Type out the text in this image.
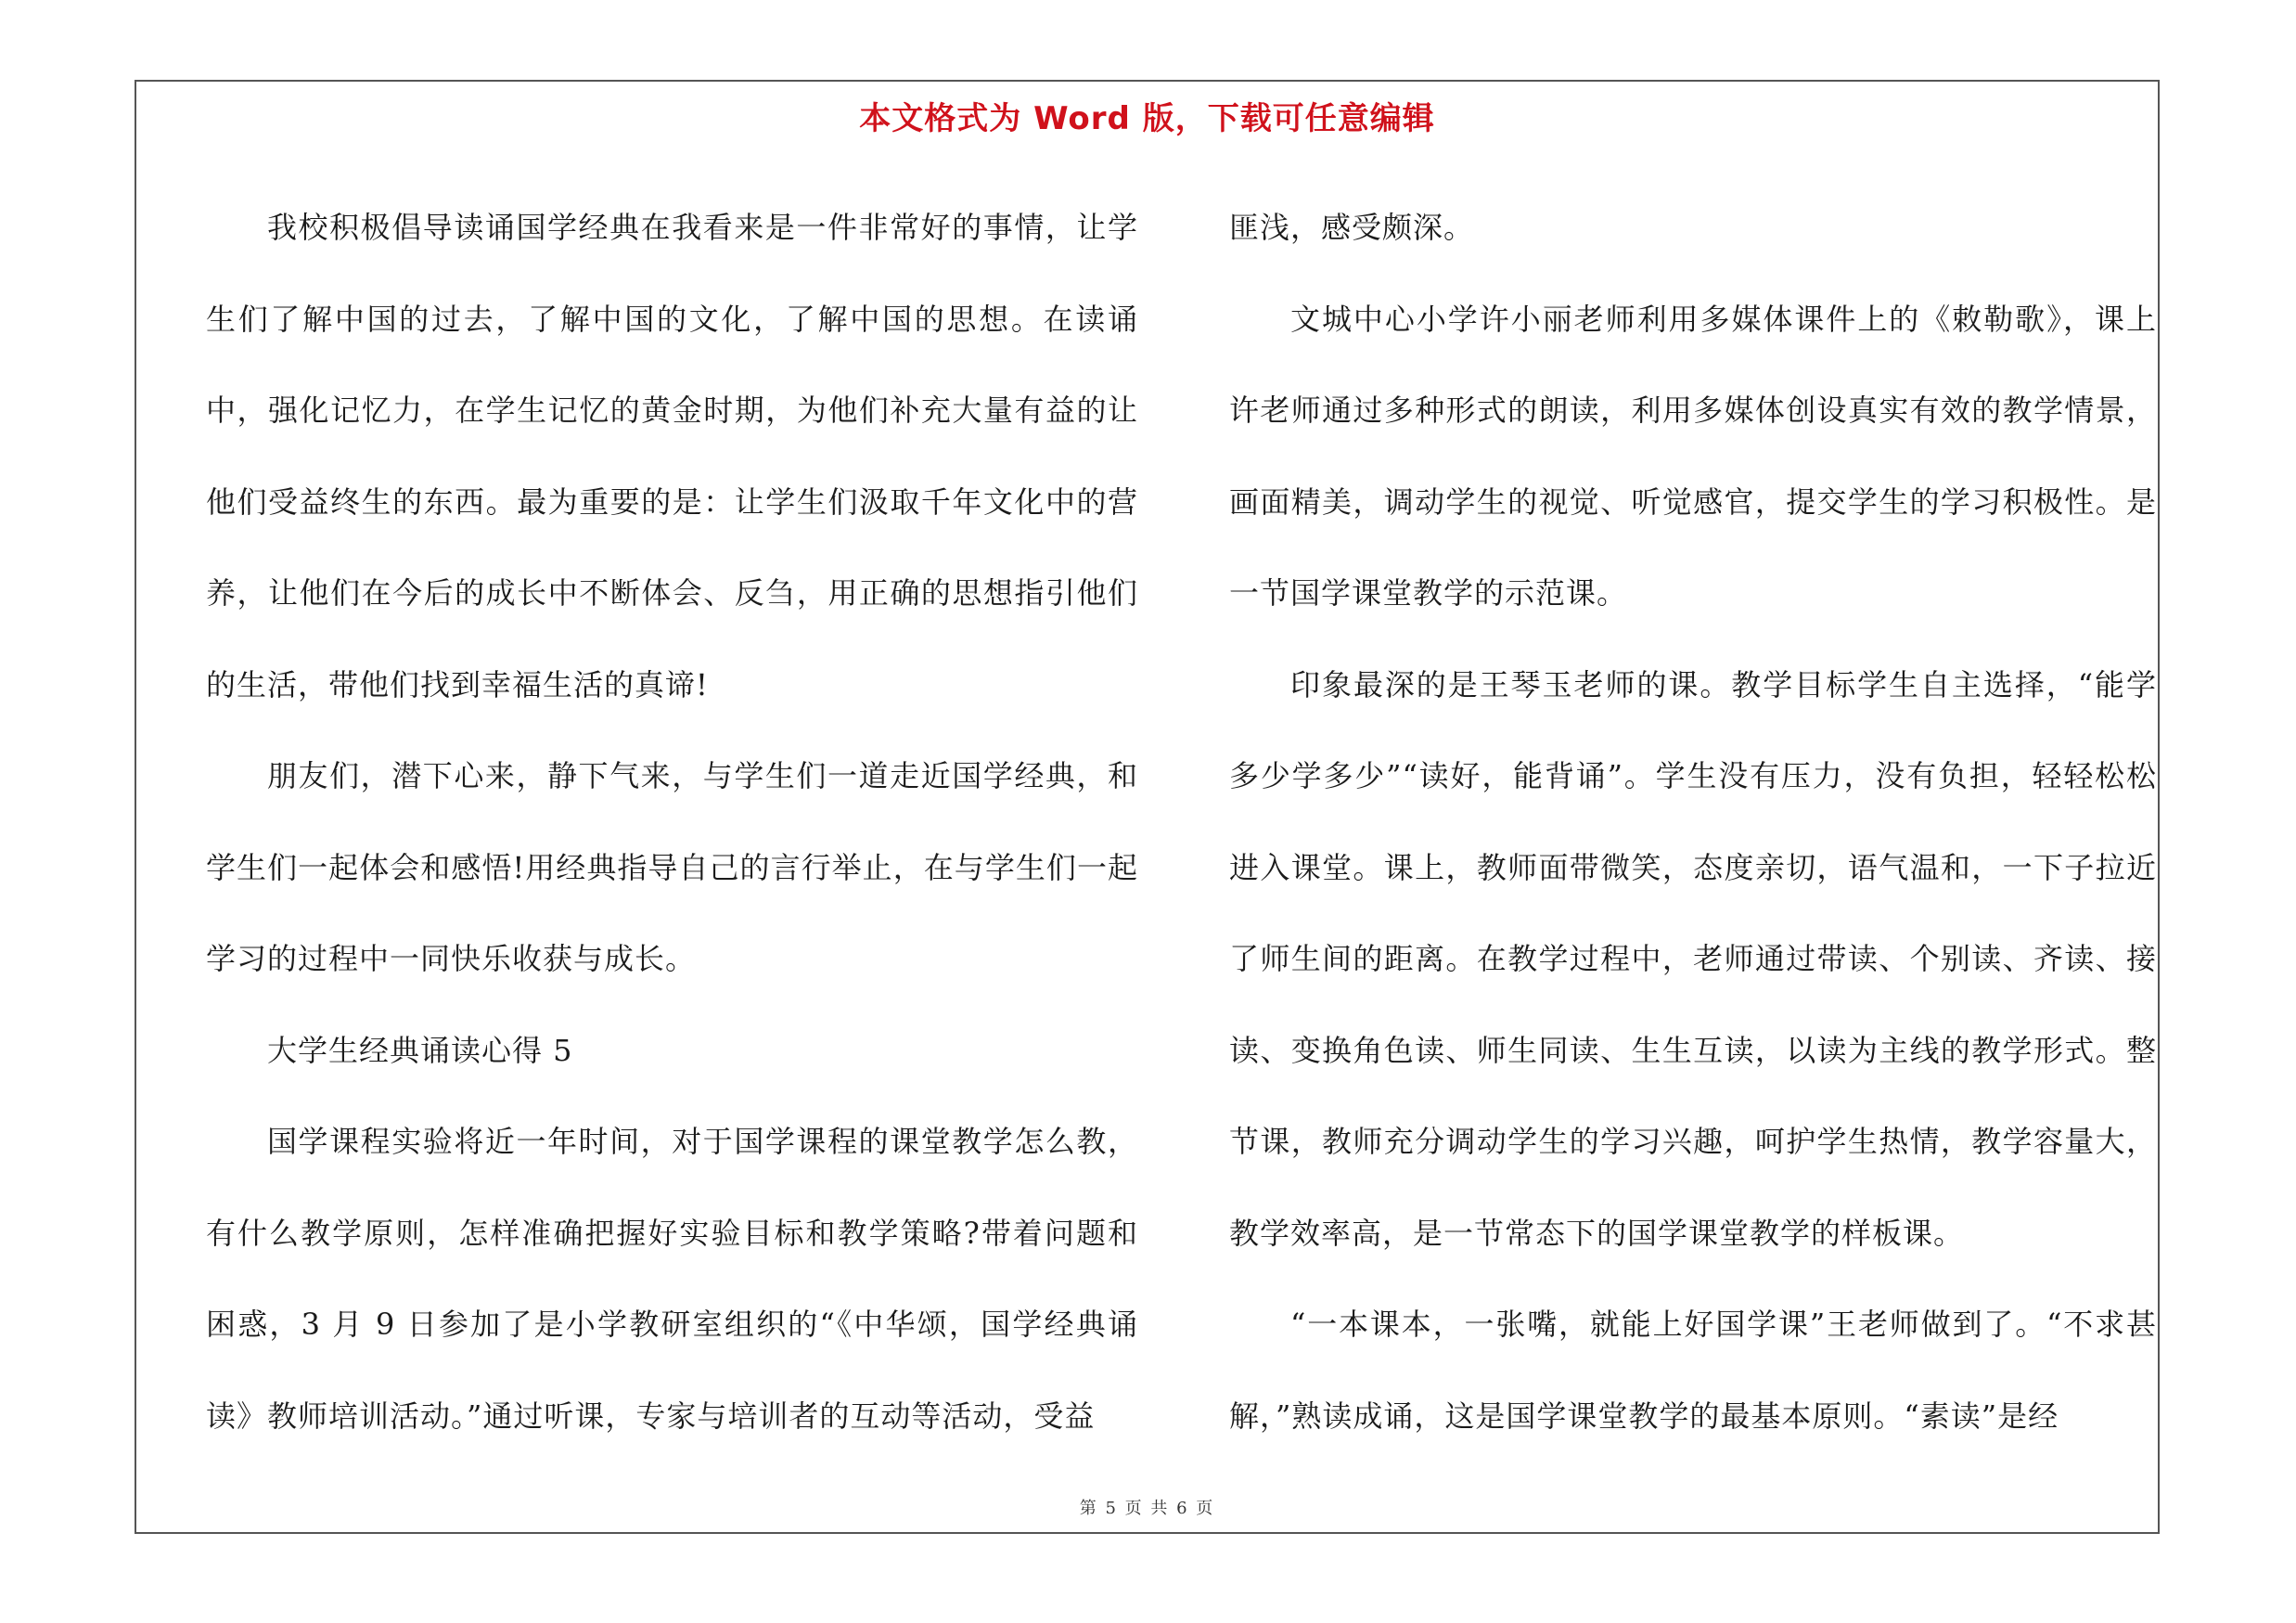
本文格式为 Word 版，下载可任意编辑

我校积极倡导读诵国学经典在我看来是一件非常好的事情，让学生们了解中国的过去，了解中国的文化，了解中国的思想。在读诵中，强化记忆力，在学生记忆的黄金时期，为他们补充大量有益的让他们受益终生的东西。最为重要的是：让学生们汲取千年文化中的营养，让他们在今后的成长中不断体会、反刍，用正确的思想指引他们的生活，带他们找到幸福生活的真谛!

朋友们，潜下心来，静下气来，与学生们一道走近国学经典，和学生们一起体会和感悟!用经典指导自己的言行举止，在与学生们一起学习的过程中一同快乐收获与成长。

大学生经典诵读心得 5

国学课程实验将近一年时间，对于国学课程的课堂教学怎么教，有什么教学原则，怎样准确把握好实验目标和教学策略?带着问题和困惑，3 月 9 日参加了是小学教研室组织的“《中华颂，国学经典诵读》教师培训活动。”通过听课，专家与培训者的互动等活动，受益

匪浅，感受颇深。

文城中心小学许小丽老师利用多媒体课件上的《敕勒歌》，课上许老师通过多种形式的朗读，利用多媒体创设真实有效的教学情景，画面精美，调动学生的视觉、听觉感官，提交学生的学习积极性。是一节国学课堂教学的示范课。

印象最深的是王琴玉老师的课。教学目标学生自主选择，“能学多少学多少”“读好，能背诵”。学生没有压力，没有负担，轻轻松松进入课堂。课上，教师面带微笑，态度亲切，语气温和，一下子拉近了师生间的距离。在教学过程中，老师通过带读、个别读、齐读、接读、变换角色读、师生同读、生生互读，以读为主线的教学形式。整节课，教师充分调动学生的学习兴趣，呵护学生热情，教学容量大，教学效率高，是一节常态下的国学课堂教学的样板课。

“一本课本，一张嘴，就能上好国学课”王老师做到了。“不求甚解，”熟读成诵，这是国学课堂教学的最基本原则。“素读”是经

第 5 页 共 6 页
